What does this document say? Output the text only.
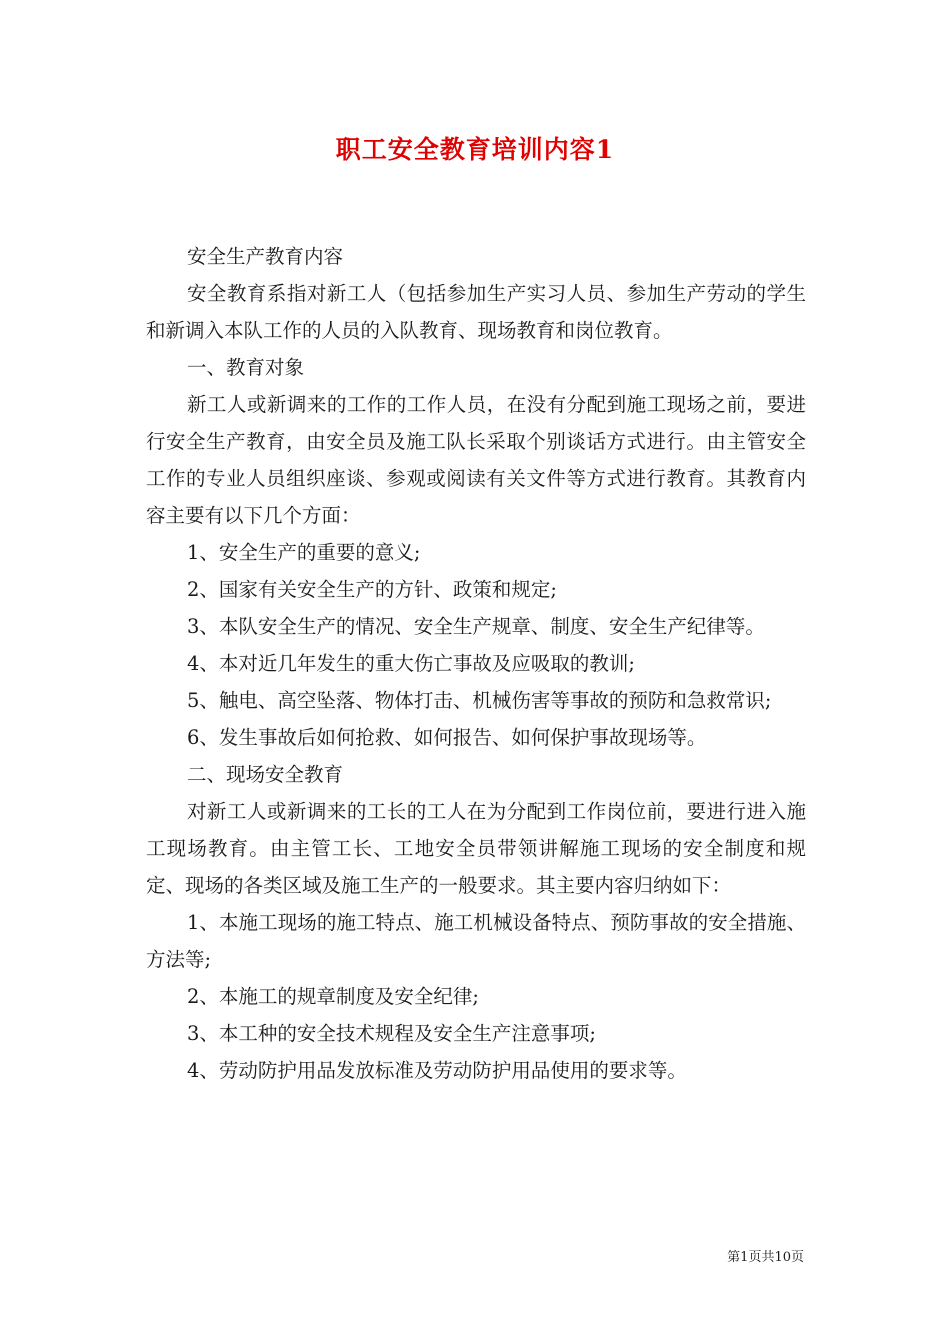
职工安全教育培训内容1

安全生产教育内容

安全教育系指对新工人（包括参加生产实习人员、参加生产劳动的学生和新调入本队工作的人员的入队教育、现场教育和岗位教育。

一、教育对象

新工人或新调来的工作的工作人员，在没有分配到施工现场之前，要进行安全生产教育，由安全员及施工队长采取个别谈话方式进行。由主管安全工作的专业人员组织座谈、参观或阅读有关文件等方式进行教育。其教育内容主要有以下几个方面：

1、安全生产的重要的意义;

2、国家有关安全生产的方针、政策和规定;

3、本队安全生产的情况、安全生产规章、制度、安全生产纪律等。

4、本对近几年发生的重大伤亡事故及应吸取的教训;

5、触电、高空坠落、物体打击、机械伤害等事故的预防和急救常识;

6、发生事故后如何抢救、如何报告、如何保护事故现场等。

二、现场安全教育

对新工人或新调来的工长的工人在为分配到工作岗位前，要进行进入施工现场教育。由主管工长、工地安全员带领讲解施工现场的安全制度和规定、现场的各类区域及施工生产的一般要求。其主要内容归纳如下：

1、本施工现场的施工特点、施工机械设备特点、预防事故的安全措施、方法等;

2、本施工的规章制度及安全纪律;

3、本工种的安全技术规程及安全生产注意事项;

4、劳动防护用品发放标准及劳动防护用品使用的要求等。

第1页共10页
